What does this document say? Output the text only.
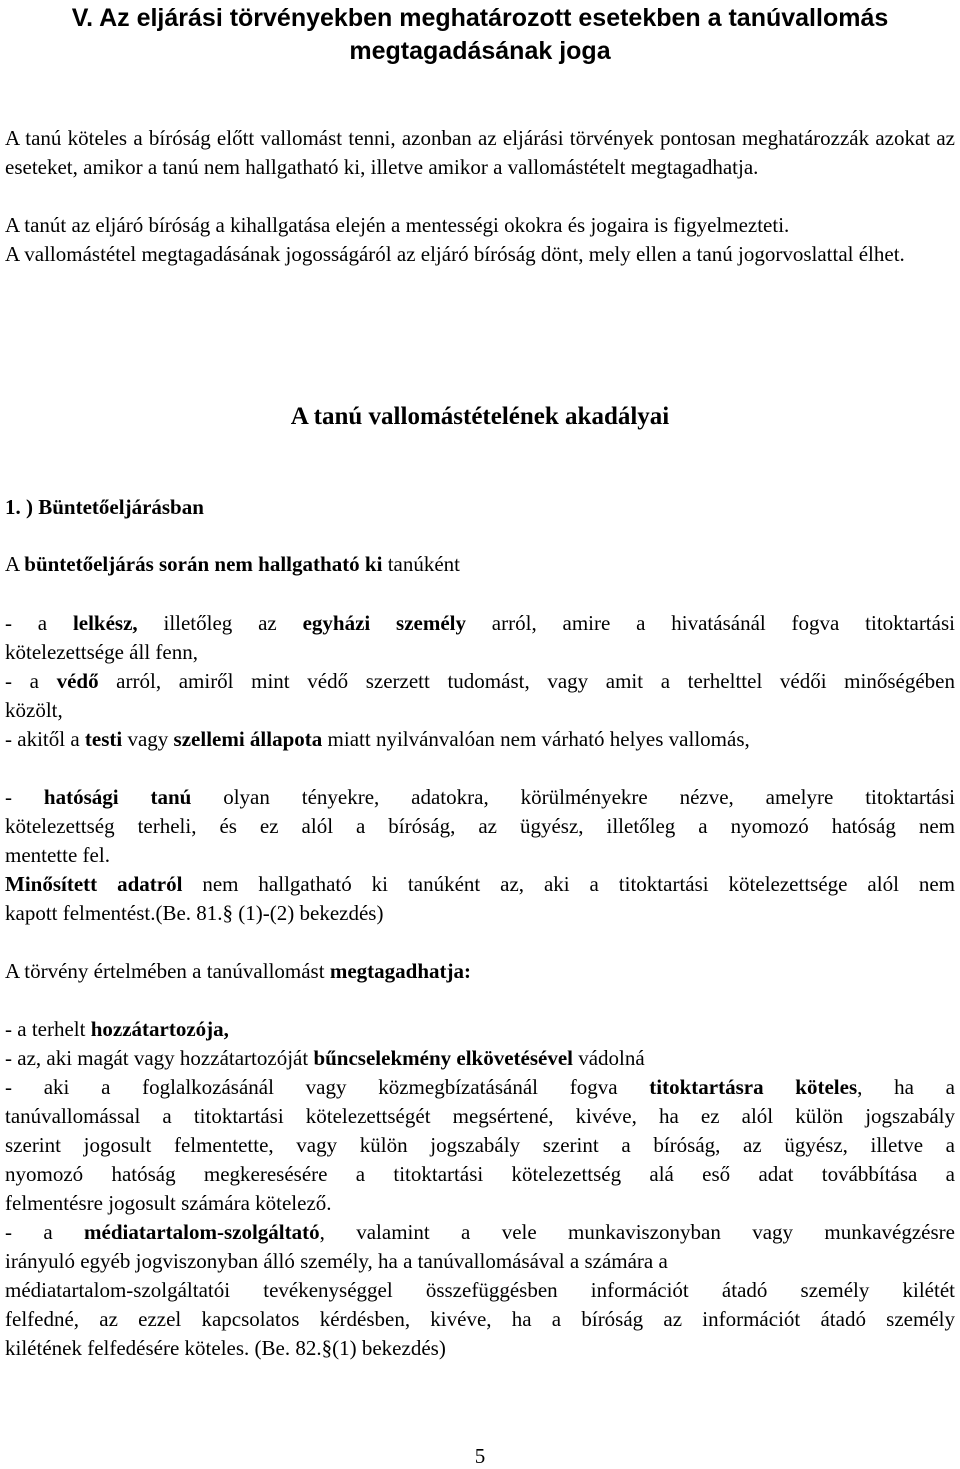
V. Az eljárási törvényekben meghatározott esetekben a tanúvallomás
megtagadásának joga

A tanú köteles a bíróság előtt vallomást tenni, azonban az eljárási törvények pontosan meghatározzák azokat az eseteket, amikor a tanú nem hallgatható ki, illetve amikor a vallomástételt megtagadhatja.

A tanút az eljáró bíróság a kihallgatása elején a mentességi okokra és jogaira is figyelmezteti.

A vallomástétel megtagadásának jogosságáról az eljáró bíróság dönt, mely ellen a tanú jogorvoslattal élhet.

A tanú vallomástételének akadályai
1. ) Büntetőeljárásban
A büntetőeljárás során nem hallgatható ki tanúként
- a lelkész, illetőleg az egyházi személy arról, amire a hivatásánál fogva titoktartási
kötelezettsége áll fenn,
- a védő arról, amiről mint védő szerzett tudomást, vagy amit a terhelttel védői minőségében
közölt,
- akitől a testi vagy szellemi állapota miatt nyilvánvalóan nem várható helyes vallomás,
- hatósági tanú olyan tényekre, adatokra, körülményekre nézve, amelyre titoktartási
kötelezettség terheli, és ez alól a bíróság, az ügyész, illetőleg a nyomozó hatóság nem
mentette fel.
Minősített adatról nem hallgatható ki tanúként az, aki a titoktartási kötelezettsége alól nem
kapott felmentést.(Be. 81.§ (1)-(2) bekezdés)
A törvény értelmében a tanúvallomást megtagadhatja:
- a terhelt hozzátartozója,
- az, aki magát vagy hozzátartozóját bűncselekmény elkövetésével vádolná
- aki a foglalkozásánál vagy közmegbízatásánál fogva titoktartásra köteles, ha a
tanúvallomással a titoktartási kötelezettségét megsértené, kivéve, ha ez alól külön jogszabály
szerint jogosult felmentette, vagy külön jogszabály szerint a bíróság, az ügyész, illetve a
nyomozó hatóság megkeresésére a titoktartási kötelezettség alá eső adat továbbítása a
felmentésre jogosult számára kötelező.
- a médiatartalom-szolgáltató, valamint a vele munkaviszonyban vagy munkavégzésre
irányuló egyéb jogviszonyban álló személy, ha a tanúvallomásával a számára a
médiatartalom-szolgáltatói tevékenységgel összefüggésben információt átadó személy kilétét
felfedné, az ezzel kapcsolatos kérdésben, kivéve, ha a bíróság az információt átadó személy
kilétének felfedésére köteles. (Be. 82.§(1) bekezdés)
5
